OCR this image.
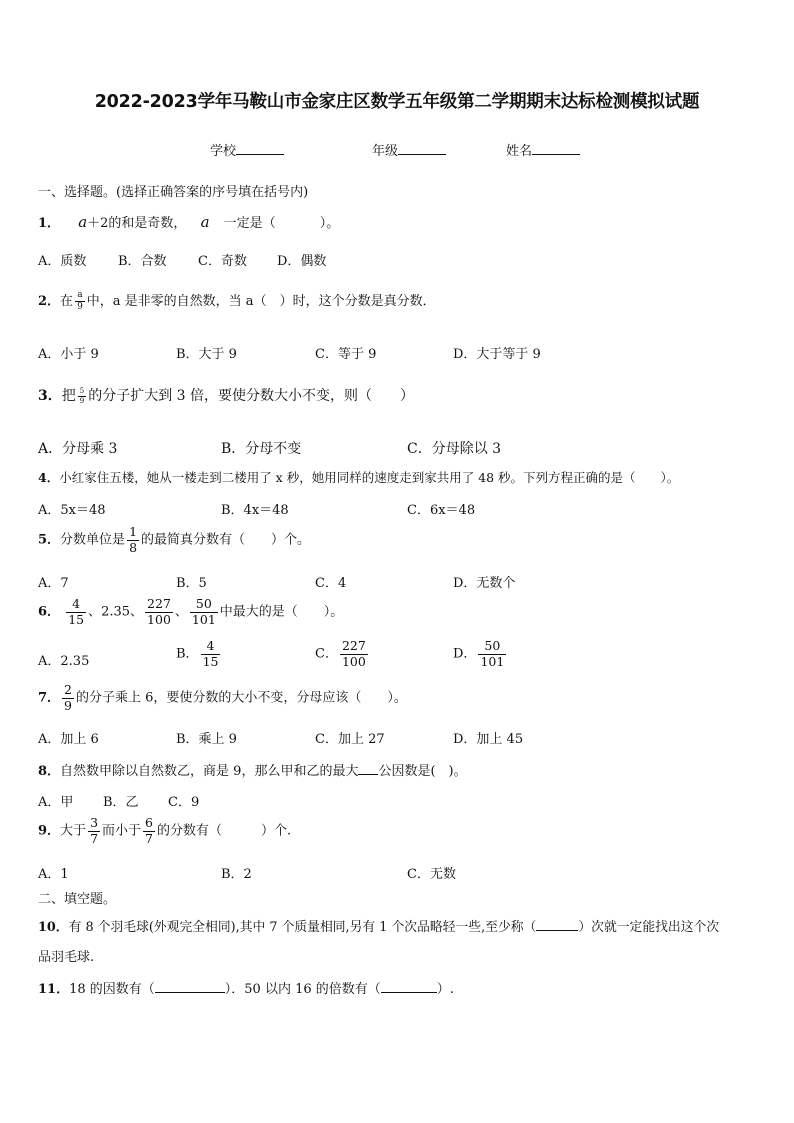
2022-2023学年马鞍山市金家庄区数学五年级第二学期期末达标检测模拟试题
学校	年级	姓名
一、选择题。(选择正确答案的序号填在括号内)
1． a＋2的和是奇数， a 一定是（	）。
A．质数 B．合数 C．奇数 D．偶数
2．在 $\frac{a}{9}$ 中，a 是非零的自然数，当 a（　）时，这个分数是真分数．
A．小于 9	B．大于 9	C．等于 9	D．大于等于 9
3．把 $\frac{5}{9}$ 的分子扩大到 3 倍，要使分数大小不变，则（　　）
A．分母乘 3	B．分母不变	C．分母除以 3
4．小红家住五楼，她从一楼走到二楼用了 x 秒，她用同样的速度走到家共用了 48 秒。下列方程正确的是（　　）。
A．5x＝48	B．4x＝48	C．6x＝48
5．分数单位是 $\frac{1}{8}$ 的最简真分数有（　　）个。
A．7	B．5	C．4	D．无数个
6． $\frac{4}{15}$ 、2.35、 $\frac{227}{100}$ 、 $\frac{50}{101}$ 中最大的是（　　）。
A．2.35	B． $\frac{4}{15}$	C． $\frac{227}{100}$	D． $\frac{50}{101}$
7． $\frac{2}{9}$ 的分子乘上 6，要使分数的大小不变，分母应该（　　）。
A．加上 6	B．乘上 9	C．加上 27	D．加上 45
8．自然数甲除以自然数乙，商是 9，那么甲和乙的最大 公因数是(　)。
A．甲 B．乙 C．9
9．大于 $\frac{3}{7}$ 而小于 $\frac{6}{7}$ 的分数有（　　　）个.
A．1	B．2	C．无数
二、填空题。
10．有 8 个羽毛球(外观完全相同),其中 7 个质量相同,另有 1 个次品略轻一些,至少称（	）次就一定能找出这个次
品羽毛球.
11．18 的因数有（	）．50 以内 16 的倍数有（	）.
